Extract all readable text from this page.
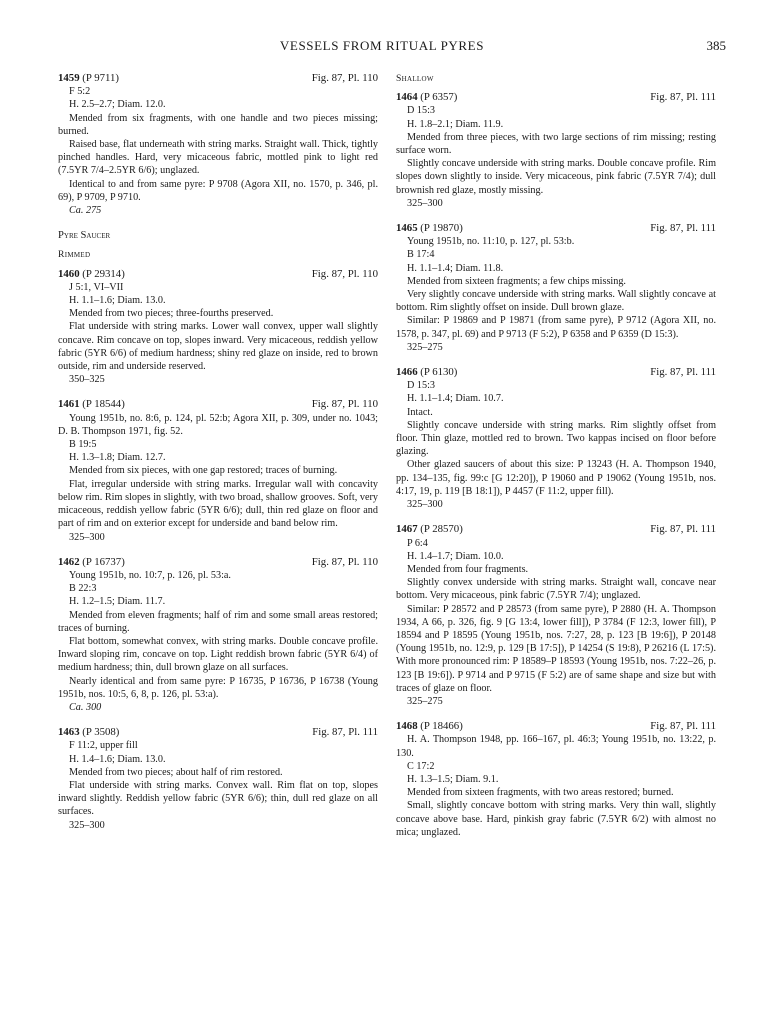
VESSELS FROM RITUAL PYRES	385
1459 (P 9711)	Fig. 87, Pl. 110
F 5:2
H. 2.5–2.7; Diam. 12.0.
Mended from six fragments, with one handle and two pieces missing; burned.
Raised base, flat underneath with string marks. Straight wall. Thick, tightly pinched handles. Hard, very micaceous fabric, mottled pink to light red (7.5YR 7/4–2.5YR 6/6); unglazed.
Identical to and from same pyre: P 9708 (Agora XII, no. 1570, p. 346, pl. 69), P 9709, P 9710.
Ca. 275
Pyre Saucer
Rimmed
1460 (P 29314)	Fig. 87, Pl. 110
J 5:1, VI–VII
H. 1.1–1.6; Diam. 13.0.
Mended from two pieces; three-fourths preserved.
Flat underside with string marks. Lower wall convex, upper wall slightly concave. Rim concave on top, slopes inward. Very micaceous, reddish yellow fabric (5YR 6/6) of medium hardness; shiny red glaze on inside, red to brown outside, rim and underside reserved.
350–325
1461 (P 18544)	Fig. 87, Pl. 110
Young 1951b, no. 8:6, p. 124, pl. 52:b; Agora XII, p. 309, under no. 1043; D. B. Thompson 1971, fig. 52.
B 19:5
H. 1.3–1.8; Diam. 12.7.
Mended from six pieces, with one gap restored; traces of burning.
Flat, irregular underside with string marks. Irregular wall with concavity below rim. Rim slopes in slightly, with two broad, shallow grooves. Soft, very micaceous, reddish yellow fabric (5YR 6/6); dull, thin red glaze on floor and part of rim and on exterior except for underside and band below rim.
325–300
1462 (P 16737)	Fig. 87, Pl. 110
Young 1951b, no. 10:7, p. 126, pl. 53:a.
B 22:3
H. 1.2–1.5; Diam. 11.7.
Mended from eleven fragments; half of rim and some small areas restored; traces of burning.
Flat bottom, somewhat convex, with string marks. Double concave profile. Inward sloping rim, concave on top. Light reddish brown fabric (5YR 6/4) of medium hardness; thin, dull brown glaze on all surfaces.
Nearly identical and from same pyre: P 16735, P 16736, P 16738 (Young 1951b, nos. 10:5, 6, 8, p. 126, pl. 53:a).
Ca. 300
1463 (P 3508)	Fig. 87, Pl. 111
F 11:2, upper fill
H. 1.4–1.6; Diam. 13.0.
Mended from two pieces; about half of rim restored.
Flat underside with string marks. Convex wall. Rim flat on top, slopes inward slightly. Reddish yellow fabric (5YR 6/6); thin, dull red glaze on all surfaces.
325–300
Shallow
1464 (P 6357)	Fig. 87, Pl. 111
D 15:3
H. 1.8–2.1; Diam. 11.9.
Mended from three pieces, with two large sections of rim missing; resting surface worn.
Slightly concave underside with string marks. Double concave profile. Rim slopes down slightly to inside. Very micaceous, pink fabric (7.5YR 7/4); dull brownish red glaze, mostly missing.
325–300
1465 (P 19870)	Fig. 87, Pl. 111
Young 1951b, no. 11:10, p. 127, pl. 53:b.
B 17:4
H. 1.1–1.4; Diam. 11.8.
Mended from sixteen fragments; a few chips missing.
Very slightly concave underside with string marks. Wall slightly concave at bottom. Rim slightly offset on inside. Dull brown glaze.
Similar: P 19869 and P 19871 (from same pyre), P 9712 (Agora XII, no. 1578, p. 347, pl. 69) and P 9713 (F 5:2), P 6358 and P 6359 (D 15:3).
325–275
1466 (P 6130)	Fig. 87, Pl. 111
D 15:3
H. 1.1–1.4; Diam. 10.7.
Intact.
Slightly concave underside with string marks. Rim slightly offset from floor. Thin glaze, mottled red to brown. Two kappas incised on floor before glazing.
Other glazed saucers of about this size: P 13243 (H. A. Thompson 1940, pp. 134–135, fig. 99:c [G 12:20]), P 19060 and P 19062 (Young 1951b, nos. 4:17, 19, p. 119 [B 18:1]), P 4457 (F 11:2, upper fill).
325–300
1467 (P 28570)	Fig. 87, Pl. 111
P 6:4
H. 1.4–1.7; Diam. 10.0.
Mended from four fragments.
Slightly convex underside with string marks. Straight wall, concave near bottom. Very micaceous, pink fabric (7.5YR 7/4); unglazed.
Similar: P 28572 and P 28573 (from same pyre), P 2880 (H. A. Thompson 1934, A 66, p. 326, fig. 9 [G 13:4, lower fill]), P 3784 (F 12:3, lower fill), P 18594 and P 18595 (Young 1951b, nos. 7:27, 28, p. 123 [B 19:6]), P 20148 (Young 1951b, no. 12:9, p. 129 [B 17:5]), P 14254 (S 19:8), P 26216 (L 17:5). With more pronounced rim: P 18589–P 18593 (Young 1951b, nos. 7:22–26, p. 123 [B 19:6]). P 9714 and P 9715 (F 5:2) are of same shape and size but with traces of glaze on floor.
325–275
1468 (P 18466)	Fig. 87, Pl. 111
H. A. Thompson 1948, pp. 166–167, pl. 46:3; Young 1951b, no. 13:22, p. 130.
C 17:2
H. 1.3–1.5; Diam. 9.1.
Mended from sixteen fragments, with two areas restored; burned.
Small, slightly concave bottom with string marks. Very thin wall, slightly concave above base. Hard, pinkish gray fabric (7.5YR 6/2) with almost no mica; unglazed.
